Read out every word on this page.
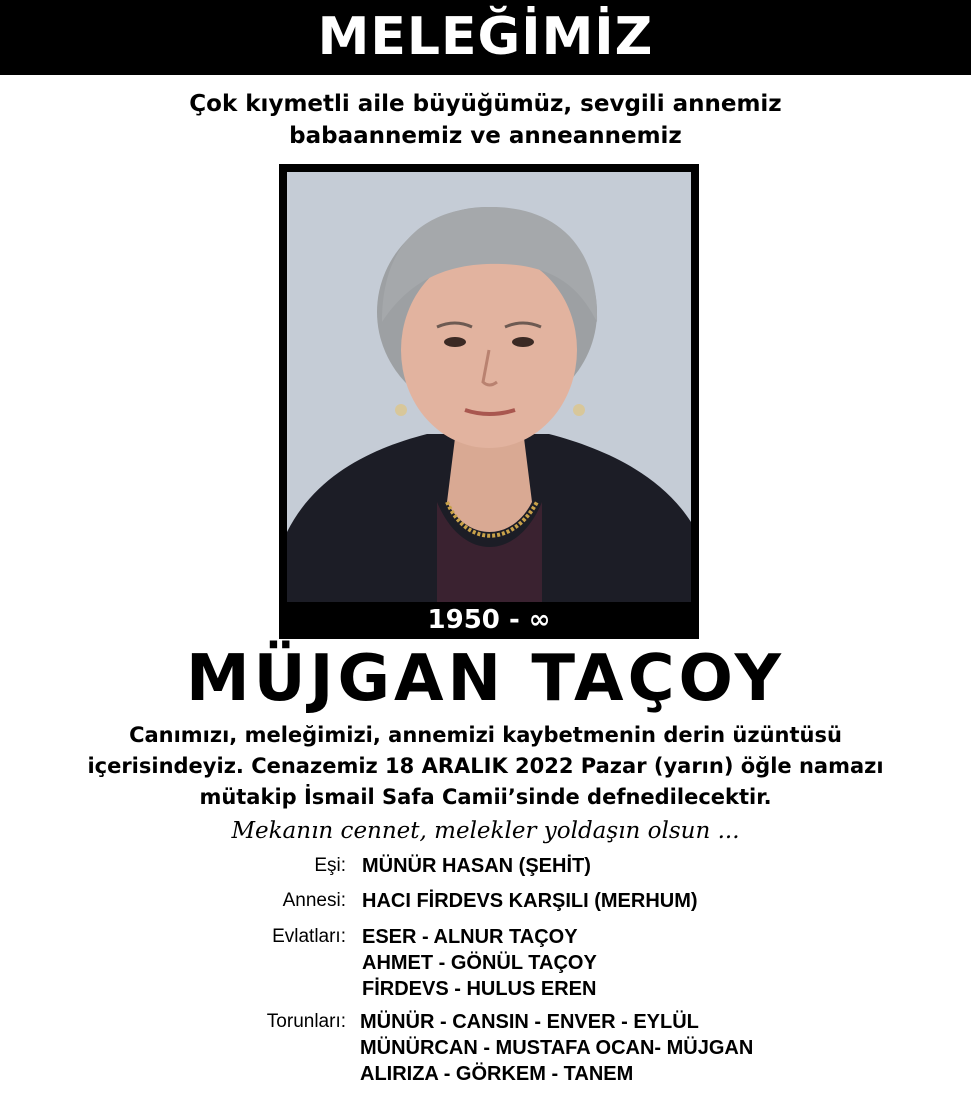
MELEĞİMİZ
Çok kıymetli aile büyüğümüz, sevgili annemiz
babaannemiz ve anneannemiz
1950 - ∞
MÜJGAN TAÇOY
Canımızı, meleğimizi, annemizi kaybetmenin derin üzüntüsü
içerisindeyiz. Cenazemiz 18 ARALIK 2022 Pazar (yarın) öğle namazı
mütakip İsmail Safa Camii’sinde defnedilecektir.
Mekanın cennet, melekler yoldaşın olsun ...
Eşi: MÜNÜR HASAN (ŞEHİT)
Annesi: HACI FİRDEVS KARŞILI (MERHUM)
Evlatları: ESER - ALNUR TAÇOY
AHMET - GÖNÜL TAÇOY
FİRDEVS - HULUS EREN
Torunları: MÜNÜR - CANSIN - ENVER - EYLÜL
MÜNÜRCAN - MUSTAFA OCAN- MÜJGAN
ALIRIZA - GÖRKEM - TANEM
